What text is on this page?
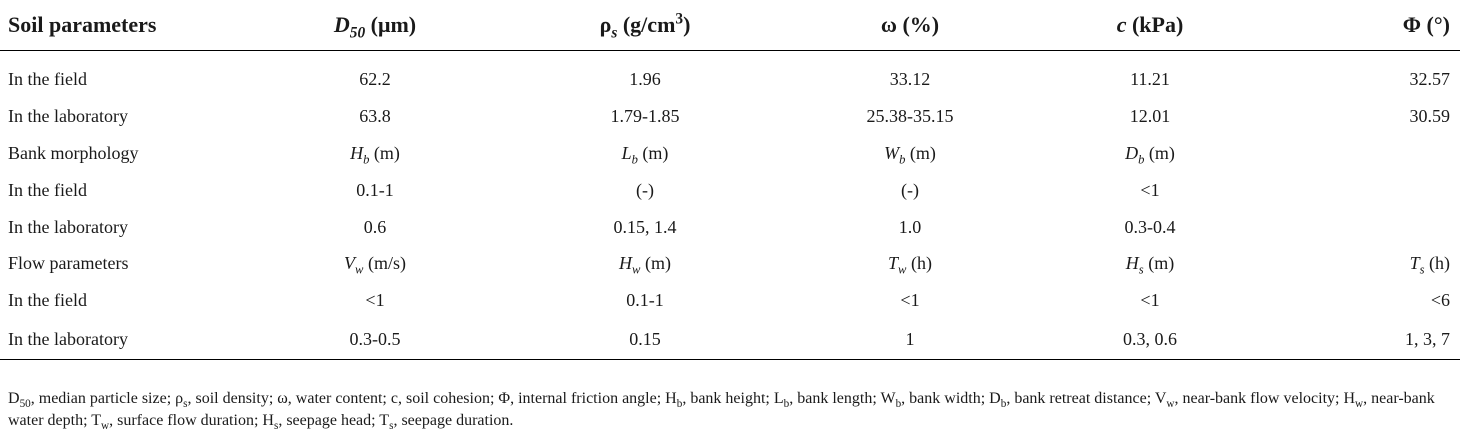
Soil parameters	$D_{50}$ (μm)	$\rho_s$ $(g/cm^3)$	ω (%)	c (kPa)	Φ (°)
In the field	62.2	1.96	33.12	11.21	32.57
In the laboratory	63.8	1.79-1.85	25.38-35.15	12.01	30.59
Bank morphology	$H_b$ (m)	$L_b$ (m)	$W_b$ (m)	$D_b$ (m)	
In the field	0.1-1	(-)	(-)	<1	
In the laboratory	0.6	0.15, 1.4	1.0	0.3-0.4	
Flow parameters	$V_w$ (m/s)	$H_w$ (m)	$T_w$ (h)	$H_s$ (m)	$T_s$ (h)
In the field	<1	0.1-1	<1	<1	<6
In the laboratory	0.3-0.5	0.15	1	0.3, 0.6	1, 3, 7
$D_{50}$, median particle size; $\rho_s$, soil density; ω, water content; c, soil cohesion; Φ, internal friction angle; $H_b$, bank height; $L_b$, bank length; $W_b$, bank width; $D_b$, bank retreat distance; $V_w$, near-bank flow velocity; $H_w$, near-bank water depth; $T_w$, surface flow duration; $H_s$, seepage head; $T_s$, seepage duration.
